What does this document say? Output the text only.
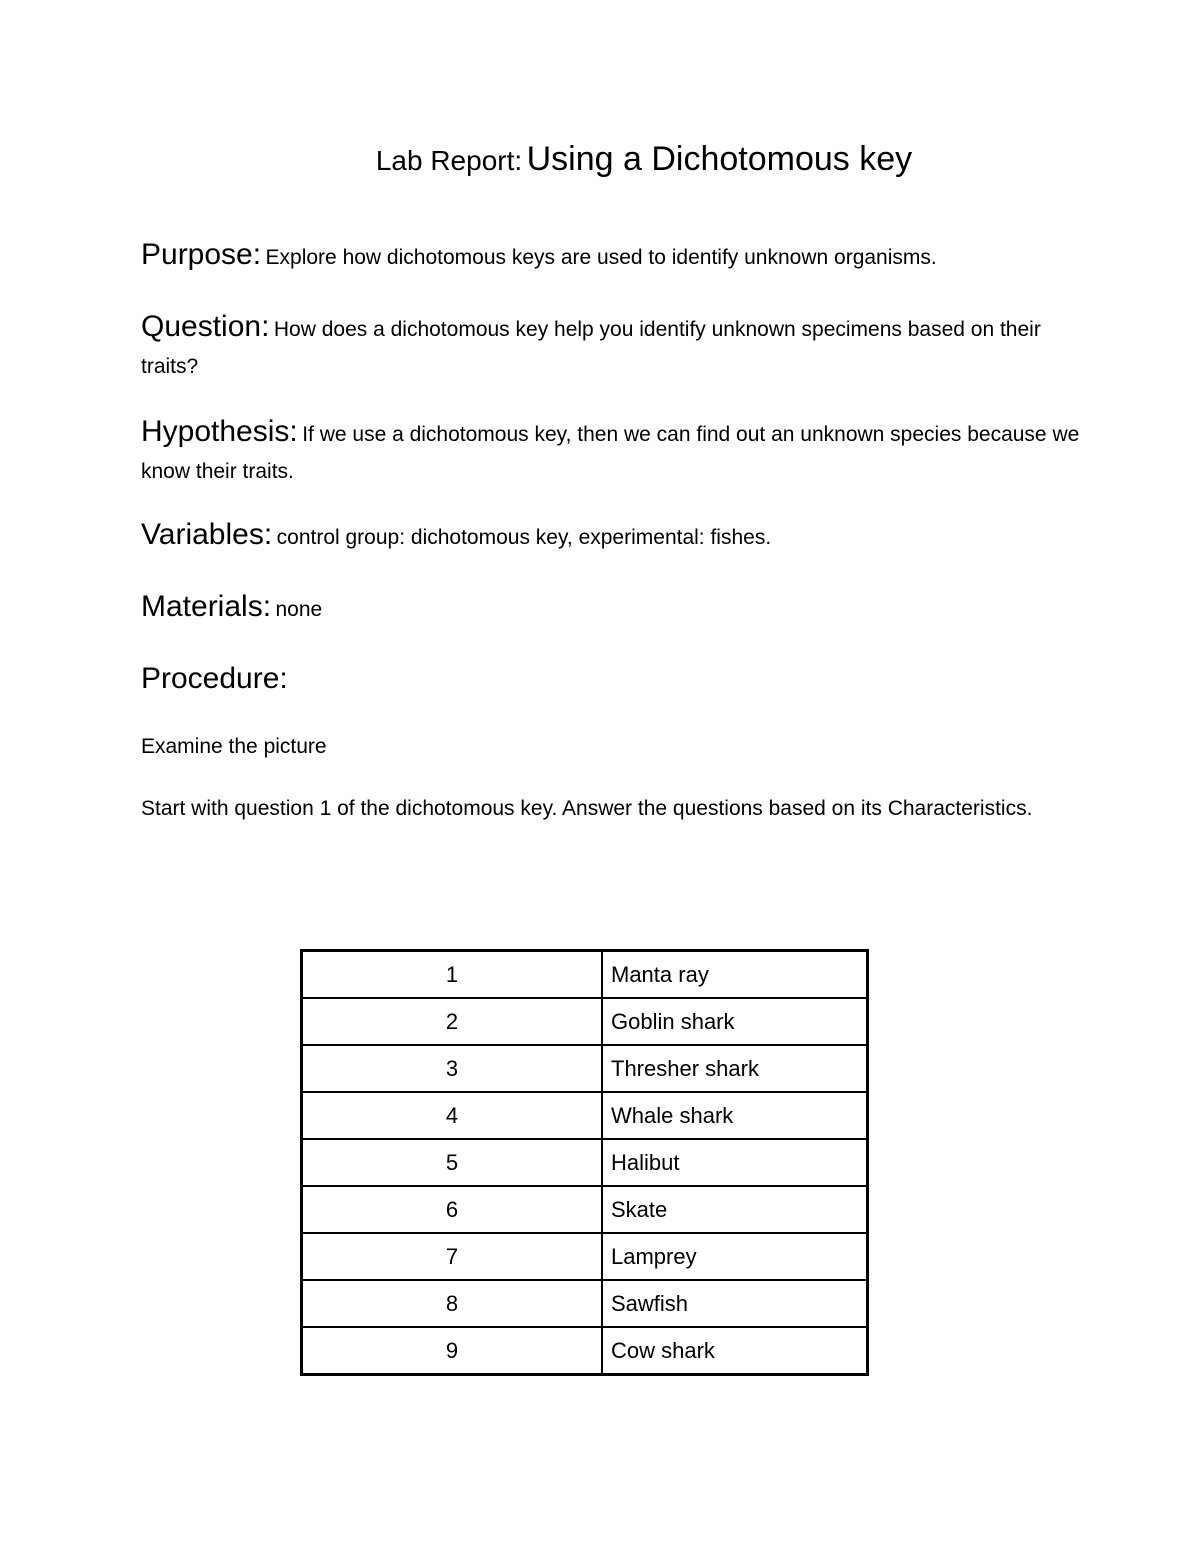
Lab Report: Using a Dichotomous key
Purpose: Explore how dichotomous keys are used to identify unknown organisms.
Question: How does a dichotomous key help you identify unknown specimens based on their traits?
Hypothesis: If we use a dichotomous key, then we can find out an unknown species because we know their traits.
Variables: control group: dichotomous key, experimental: fishes.
Materials: none
Procedure:
Examine the picture
Start with question 1 of the dichotomous key. Answer the questions based on its Characteristics.
1	Manta ray
2	Goblin shark
3	Thresher shark
4	Whale shark
5	Halibut
6	Skate
7	Lamprey
8	Sawfish
9	Cow shark
